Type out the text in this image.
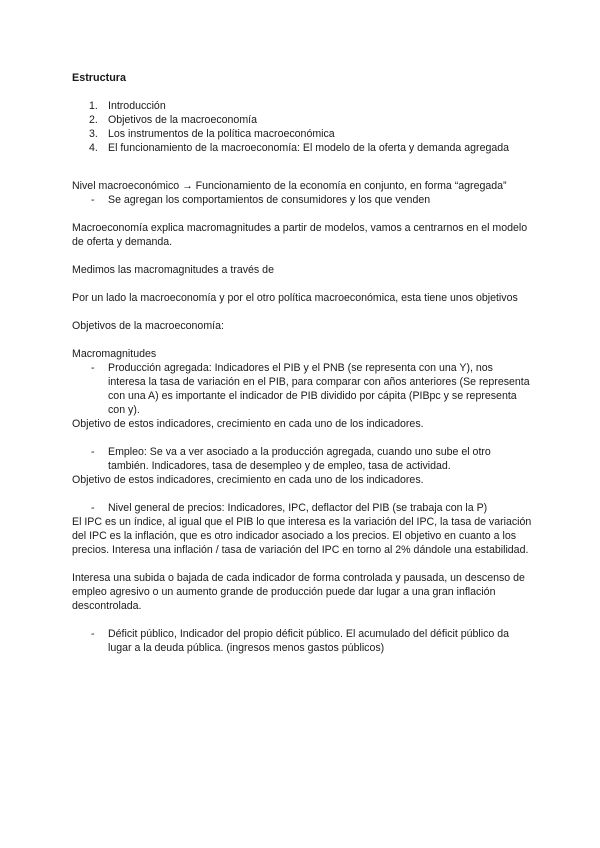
Estructura

1. Introducción
2. Objetivos de la macroeconomía
3. Los instrumentos de la política macroeconómica
4. El funcionamiento de la macroeconomía: El modelo de la oferta y demanda agregada

Nivel macroeconómico → Funcionamiento de la economía en conjunto, en forma “agregada”

- Se agregan los comportamientos de consumidores y los que venden

Macroeconomía explica macromagnitudes a partir de modelos, vamos a centrarnos en el modelo de oferta y demanda.

Medimos las macromagnitudes a través de

Por un lado la macroeconomía y por el otro política macroeconómica, esta tiene unos objetivos

Objetivos de la macroeconomía:

Macromagnitudes

- Producción agregada: Indicadores el PIB y el PNB (se representa con una Y), nos interesa la tasa de variación en el PIB, para comparar con años anteriores (Se representa con una A) es importante el indicador de PIB dividido por cápita (PIBpc y se representa con y).

Objetivo de estos indicadores, crecimiento en cada uno de los indicadores.

- Empleo: Se va a ver asociado a la producción agregada, cuando uno sube el otro también. Indicadores, tasa de desempleo y de empleo, tasa de actividad.

Objetivo de estos indicadores, crecimiento en cada uno de los indicadores.

- Nivel general de precios: Indicadores, IPC, deflactor del PIB (se trabaja con la P)

El IPC es un índice, al igual que el PIB lo que interesa es la variación del IPC, la tasa de variación del IPC es la inflación, que es otro indicador asociado a los precios. El objetivo en cuanto a los precios. Interesa una inflación / tasa de variación del IPC en torno al 2% dándole una estabilidad.

Interesa una subida o bajada de cada indicador de forma controlada y pausada, un descenso de empleo agresivo o un aumento grande de producción puede dar lugar a una gran inflación descontrolada.

- Déficit público, Indicador del propio déficit público. El acumulado del déficit público da lugar a la deuda pública. (ingresos menos gastos públicos)
